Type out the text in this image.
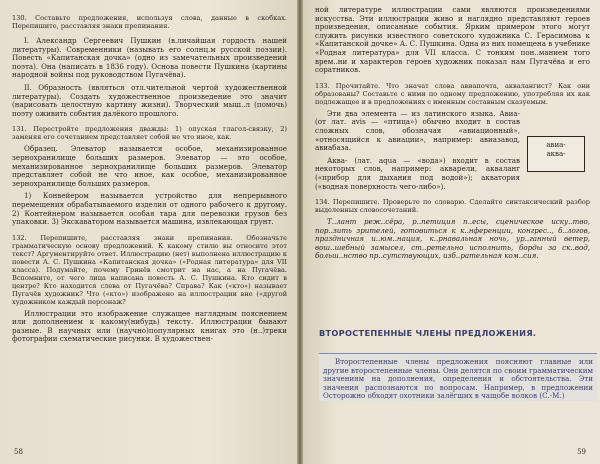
130. Составьте предложения, используя слова, данные в скобках. Перепишите, расставляя знаки препинания.

I. Александр Сергеевич Пушкин (в.личайшая гордость нашей литературы). Современники (называть его солнц.м русской поэзии). Повесть «Капитанская дочка» (одно из замечательных произведений поэта). Она (написать в 1836 году). Основа повести Пушкина (картины народной войны под руководством Пугачёва).

II. Образность (являться отл.чительной чертой художественной литературы). Создать художественное произведение это значит (нарисовать целостную картину жизни). Творческий мыш..л (помочь) поэту оживить события далёкого прошлого.

131. Перестройте предложения дважды: 1) опуская глагол-связку, 2) заменяя его сочетанием представляет собой не что иное, как.

Образец. Элеватор называется особое, механизированное зернохранилище больших размеров. Элеватор — это особое, механизированное зернохранилище больших размеров. Элеватор представляет собой не что иное, как особое, механизированное зернохранилище больших размеров.

1) Конвейером называется устройство для непрерывного перемещения обрабатываемого изделия от одного рабочего к другому. 2) Контейнером называется особая тара для перевозки грузов без упаковки. 3) Экскаватором называется машина, извлекающая грунт.

132. Перепишите, расставляя знаки препинания. Обозначьте грамматическую основу предложений. К какому стилю вы относите этот текст? Аргументируйте ответ. Иллюстрацию (нет) выполнена иллюстрацию к повести А. С. Пушкина «Капитанская дочка» («Родная литература» для VII класса). Подумайте, почему Гринёв смотрит на нас, а на Пугачёва. Вспомните, от чего лица написана повесть А. С. Пушкина. Кто сидит в центре? Кто находится слева от Пугачёва? Справа? Как («кто») называет Пугачёв художник? Что («кто») изображено на иллюстрации вне («другой художником каждый персонаж?

Иллюстрации это изображение служащее наглядным пояснением или дополнением к какому(нибудь) тексту. Иллюстрации бывают разные. В научных или (научно)популярных книгах это (н..)треки фотографии схематические рисунки. В художествен-

58

ной литературе иллюстрации сами являются произведениями искусства. Эти иллюстрации живо и наглядно представляют героев произведения, описанные события. Ярким примером этого могут служить рисунки известного советского художника С. Герасимова к «Капитанской дочке» А. С. Пушкина. Одна из них помещена в учебнике «Родная литература» для VII класса. С тонким пон..манием того врем..ни и характеров героев художник показал нам Пугачёва и его соратников.

133. Прочитайте. Что значат слова авиапочта, аквалангист? Как они образованы? Составьте с ними по одному предложению, употребляя их как подлежащее и в предложениях с именным составным сказуемым.

Эти два элемента — из латинского языка. Авиа- (от лат. avis — «птица») обычно входит в состав сложных слов, обозначая «авиационный», «относящийся к авиации», например: авиазавод, авиабаза.

Аква- (лат. aqua — «вода») входит в состав некоторых слов, например: акварели, акваланг («прибор для дыхания под водой»); акватория («водная поверхность чего-либо»).

134. Перепишите. Проверьте по словарю. Сделайте синтаксический разбор выделенных словосочетаний.

Т..лант реж..сёра, р..петиция п..есы, сценическое иску..тво, пор..зить зрителей, готовиться к к..нференции, конгрес.., б..логов, праздничная и..юм..нация, к..рнавальная ночь, ур..ганный ветер, вош..шебный замысел, ст..ретельно исполнить, борды за ск..вод, больш..нство пр..сутствующих, изб..рательная ком..сия.

авиа-
аква-
ВТОРОСТЕПЕННЫЕ ЧЛЕНЫ ПРЕДЛОЖЕНИЯ.

Второстепенные члены предложения поясняют главные или другие второстепенные члены. Они делятся по своим грамматическим значениям на дополнения, определения и обстоятельства. Эти значения распознаются по вопросам. Например, в предложении Осторожно обходят охотники залёгших в чащобе волков (С.-М.)

59
